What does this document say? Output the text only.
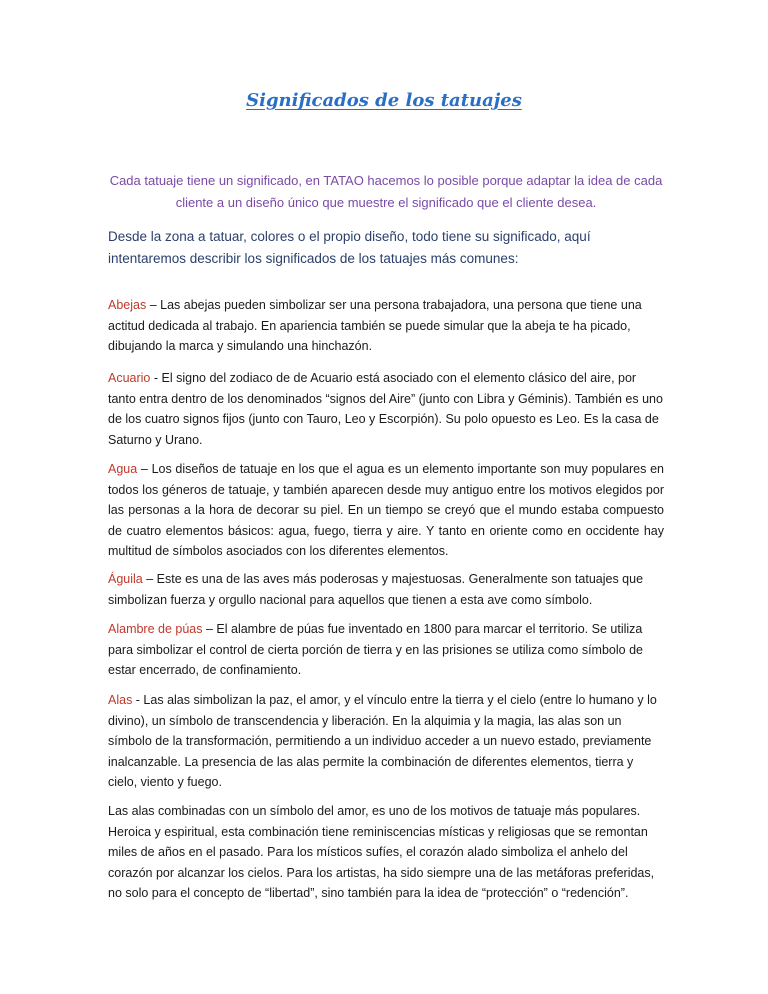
Significados de los tatuajes

Cada tatuaje tiene un significado, en TATAO hacemos lo posible porque adaptar la idea de cada cliente a un diseño único que muestre el significado que el cliente desea.

Desde la zona a tatuar, colores o el propio diseño, todo tiene su significado, aquí intentaremos describir los significados de los tatuajes más comunes:

Abejas – Las abejas pueden simbolizar ser una persona trabajadora, una persona que tiene una actitud dedicada al trabajo. En apariencia también se puede simular que la abeja te ha picado, dibujando la marca y simulando una hinchazón.

Acuario - El signo del zodiaco de de Acuario está asociado con el elemento clásico del aire, por tanto entra dentro de los denominados “signos del Aire” (junto con Libra y Géminis). También es uno de los cuatro signos fijos (junto con Tauro, Leo y Escorpión). Su polo opuesto es Leo. Es la casa de Saturno y Urano.

Agua – Los diseños de tatuaje en los que el agua es un elemento importante son muy populares en todos los géneros de tatuaje, y también aparecen desde muy antiguo entre los motivos elegidos por las personas a la hora de decorar su piel. En un tiempo se creyó que el mundo estaba compuesto de cuatro elementos básicos: agua, fuego, tierra y aire. Y tanto en oriente como en occidente hay multitud de símbolos asociados con los diferentes elementos.

Águila – Este es una de las aves más poderosas y majestuosas. Generalmente son tatuajes que simbolizan fuerza y orgullo nacional para aquellos que tienen a esta ave como símbolo.

Alambre de púas – El alambre de púas fue inventado en 1800 para marcar el territorio. Se utiliza para simbolizar el control de cierta porción de tierra y en las prisiones se utiliza como símbolo de estar encerrado, de confinamiento.

Alas - Las alas simbolizan la paz, el amor, y el vínculo entre la tierra y el cielo (entre lo humano y lo divino), un símbolo de transcendencia y liberación. En la alquimia y la magia, las alas son un símbolo de la transformación, permitiendo a un individuo acceder a un nuevo estado, previamente inalcanzable. La presencia de las alas permite la combinación de diferentes elementos, tierra y cielo, viento y fuego.

Las alas combinadas con un símbolo del amor, es uno de los motivos de tatuaje más populares. Heroica y espiritual, esta combinación tiene reminiscencias místicas y religiosas que se remontan miles de años en el pasado. Para los místicos sufíes, el corazón alado simboliza el anhelo del corazón por alcanzar los cielos. Para los artistas, ha sido siempre una de las metáforas preferidas, no solo para el concepto de “libertad”, sino también para la idea de “protección” o “redención”.
